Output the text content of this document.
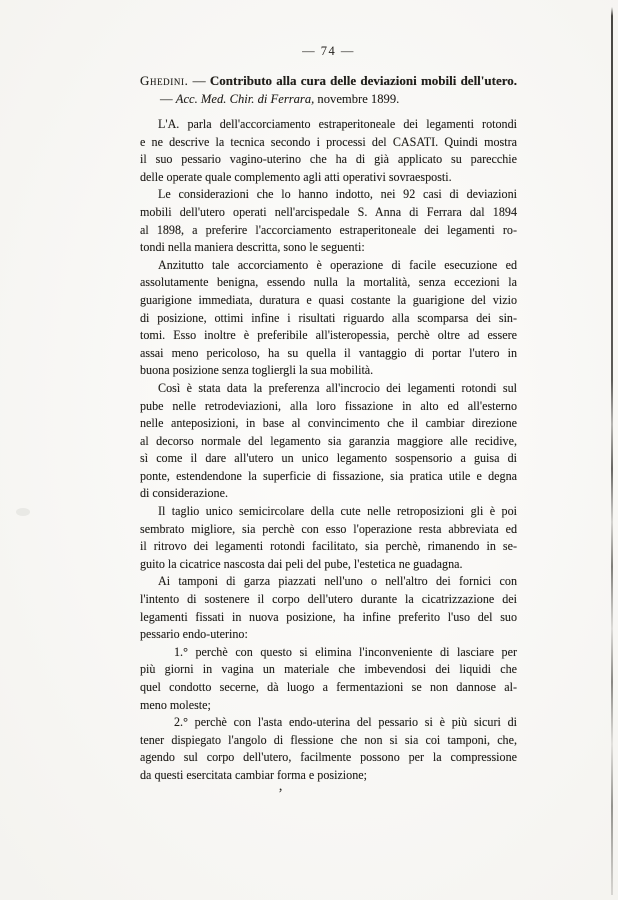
— 74 —
Ghedini. — Contributo alla cura delle deviazioni mobili dell'utero.
— Acc. Med. Chir. di Ferrara, novembre 1899.
L'A. parla dell'accorciamento estraperitoneale dei legamenti rotondi
e ne descrive la tecnica secondo i processi del CASATI. Quindi mostra
il suo pessario vagino-uterino che ha di già applicato su parecchie
delle operate quale complemento agli atti operativi sovraesposti.
Le considerazioni che lo hanno indotto, nei 92 casi di deviazioni
mobili dell'utero operati nell'arcispedale S. Anna di Ferrara dal 1894
al 1898, a preferire l'accorciamento estraperitoneale dei legamenti ro-
tondi nella maniera descritta, sono le seguenti:
Anzitutto tale accorciamento è operazione di facile esecuzione ed
assolutamente benigna, essendo nulla la mortalità, senza eccezioni la
guarigione immediata, duratura e quasi costante la guarigione del vizio
di posizione, ottimi infine i risultati riguardo alla scomparsa dei sin-
tomi. Esso inoltre è preferibile all'isteropessia, perchè oltre ad essere
assai meno pericoloso, ha su quella il vantaggio di portar l'utero in
buona posizione senza togliergli la sua mobilità.
Così è stata data la preferenza all'incrocio dei legamenti rotondi sul
pube nelle retrodeviazioni, alla loro fissazione in alto ed all'esterno
nelle anteposizioni, in base al convincimento che il cambiar direzione
al decorso normale del legamento sia garanzia maggiore alle recidive,
sì come il dare all'utero un unico legamento sospensorio a guisa di
ponte, estendendone la superficie di fissazione, sia pratica utile e degna
di considerazione.
Il taglio unico semicircolare della cute nelle retroposizioni gli è poi
sembrato migliore, sia perchè con esso l'operazione resta abbreviata ed
il ritrovo dei legamenti rotondi facilitato, sia perchè, rimanendo in se-
guito la cicatrice nascosta dai peli del pube, l'estetica ne guadagna.
Ai tamponi di garza piazzati nell'uno o nell'altro dei fornici con
l'intento di sostenere il corpo dell'utero durante la cicatrizzazione dei
legamenti fissati in nuova posizione, ha infine preferito l'uso del suo
pessario endo-uterino:
1.° perchè con questo si elimina l'inconveniente di lasciare per
più giorni in vagina un materiale che imbevendosi dei liquidi che
quel condotto secerne, dà luogo a fermentazioni se non dannose al-
meno moleste;
2.° perchè con l'asta endo-uterina del pessario si è più sicuri di
tener dispiegato l'angolo di flessione che non si sia coi tamponi, che,
agendo sul corpo dell'utero, facilmente possono per la compressione
da questi esercitata cambiar forma e posizione;
’
